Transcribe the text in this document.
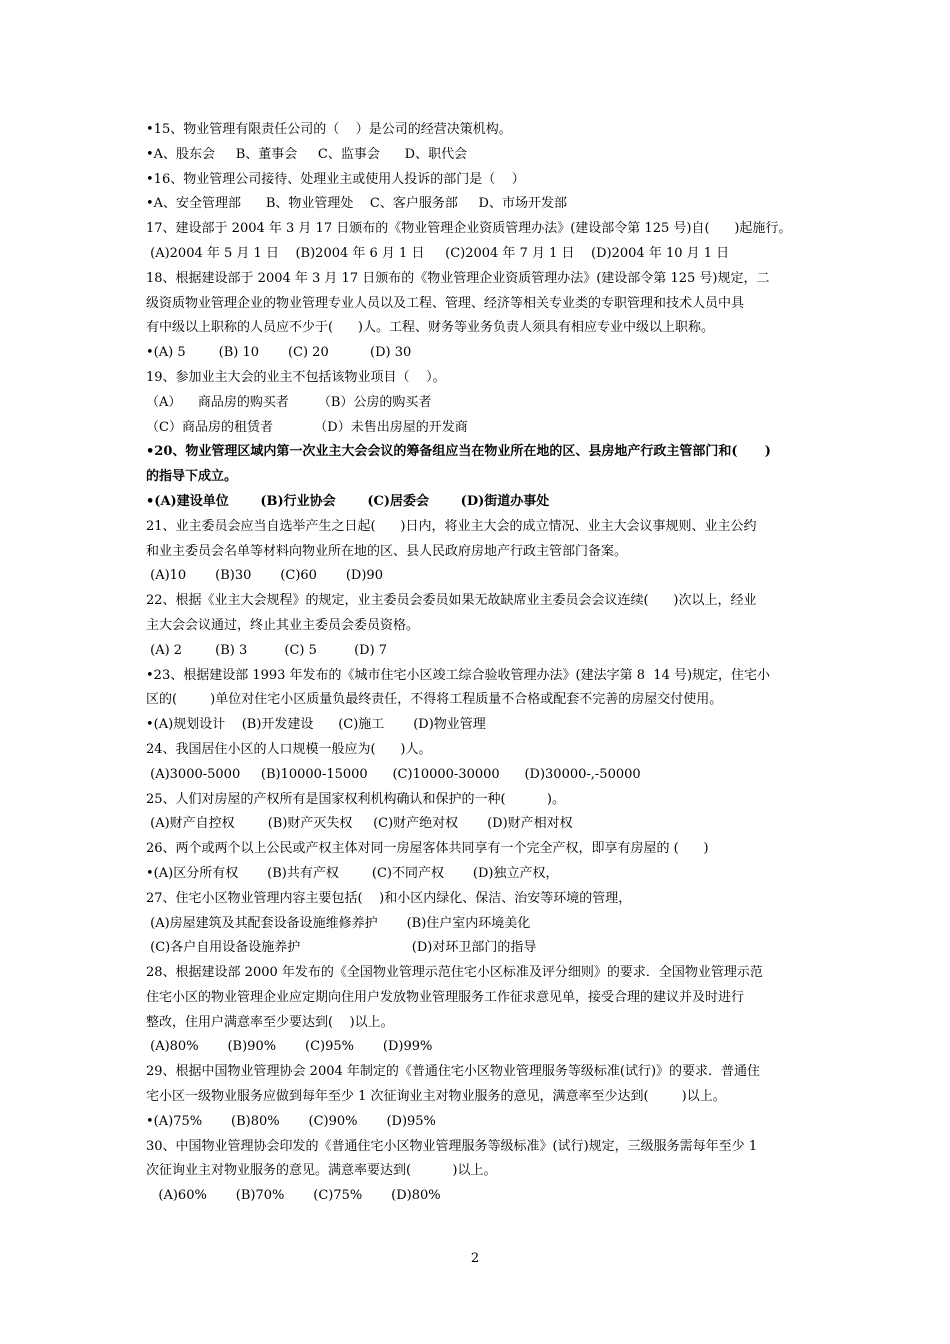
•15、物业管理有限责任公司的（    ）是公司的经营决策机构。
•A、股东会     B、董事会     C、监事会      D、职代会
•16、物业管理公司接待、处理业主或使用人投诉的部门是（    ）
•A、安全管理部      B、物业管理处    C、客户服务部     D、市场开发部
17、建设部于 2004 年 3 月 17 日颁布的《物业管理企业资质管理办法》(建设部令第 125 号)自(      )起施行。
(A)2004 年 5 月 1 日    (B)2004 年 6 月 1 日     (C)2004 年 7 月 1 日    (D)2004 年 10 月 1 日
18、根据建设部于 2004 年 3 月 17 日颁布的《物业管理企业资质管理办法》(建设部令第 125 号)规定，二
级资质物业管理企业的物业管理专业人员以及工程、管理、经济等相关专业类的专职管理和技术人员中具
有中级以上职称的人员应不少于(      )人。工程、财务等业务负责人须具有相应专业中级以上职称。
•(A) 5        (B) 10       (C) 20          (D) 30
19、参加业主大会的业主不包括该物业项目（    ）。
（A）    商品房的购买者       （B）公房的购买者
（C）商品房的租赁者          （D）未售出房屋的开发商
•20、物业管理区域内第一次业主大会会议的筹备组应当在物业所在地的区、县房地产行政主管部门和(      )
的指导下成立。
•(A)建设单位       (B)行业协会       (C)居委会       (D)街道办事处
21、业主委员会应当自选举产生之日起(      )日内，将业主大会的成立情况、业主大会议事规则、业主公约
和业主委员会名单等材料向物业所在地的区、县人民政府房地产行政主管部门备案。
(A)10       (B)30       (C)60       (D)90
22、根据《业主大会规程》的规定，业主委员会委员如果无故缺席业主委员会会议连续(      )次以上，经业
主大会会议通过，终止其业主委员会委员资格。
(A) 2        (B) 3         (C) 5         (D) 7
•23、根据建设部 1993 年发布的《城市住宅小区竣工综合验收管理办法》(建法字第 8  14 号)规定，住宅小
区的(        )单位对住宅小区质量负最终责任，不得将工程质量不合格或配套不完善的房屋交付使用。
•(A)规划设计    (B)开发建设      (C)施工       (D)物业管理
24、我国居住小区的人口规模一般应为(      )人。
(A)3000-5000     (B)10000-15000      (C)10000-30000      (D)30000-,-50000
25、人们对房屋的产权所有是国家权利机构确认和保护的一种(          )。
(A)财产自控权        (B)财产灭失权     (C)财产绝对权       (D)财产相对权
26、两个或两个以上公民或产权主体对同一房屋客体共同享有一个完全产权，即享有房屋的 (      )
•(A)区分所有权       (B)共有产权        (C)不同产权       (D)独立产权，
27、住宅小区物业管理内容主要包括(    )和小区内绿化、保洁、治安等环境的管理，
(A)房屋建筑及其配套设备设施维修养护       (B)住户室内环境美化
(C)各户自用设备设施养护                           (D)对环卫部门的指导
28、根据建设部 2000 年发布的《全国物业管理示范住宅小区标准及评分细则》的要求．全国物业管理示范
住宅小区的物业管理企业应定期向住用户发放物业管理服务工作征求意见单，接受合理的建议并及时进行
整改，住用户满意率至少要达到(    )以上。
(A)80%       (B)90%       (C)95%       (D)99%
29、根据中国物业管理协会 2004 年制定的《普通住宅小区物业管理服务等级标准(试行)》的要求．普通住
宅小区一级物业服务应做到每年至少 1 次征询业主对物业服务的意见，满意率至少达到(        )以上。
•(A)75%       (B)80%       (C)90%       (D)95%
30、中国物业管理协会印发的《普通住宅小区物业管理服务等级标准》(试行)规定，三级服务需每年至少 1
次征询业主对物业服务的意见。满意率要达到(          )以上。
(A)60%       (B)70%       (C)75%       (D)80%
2
